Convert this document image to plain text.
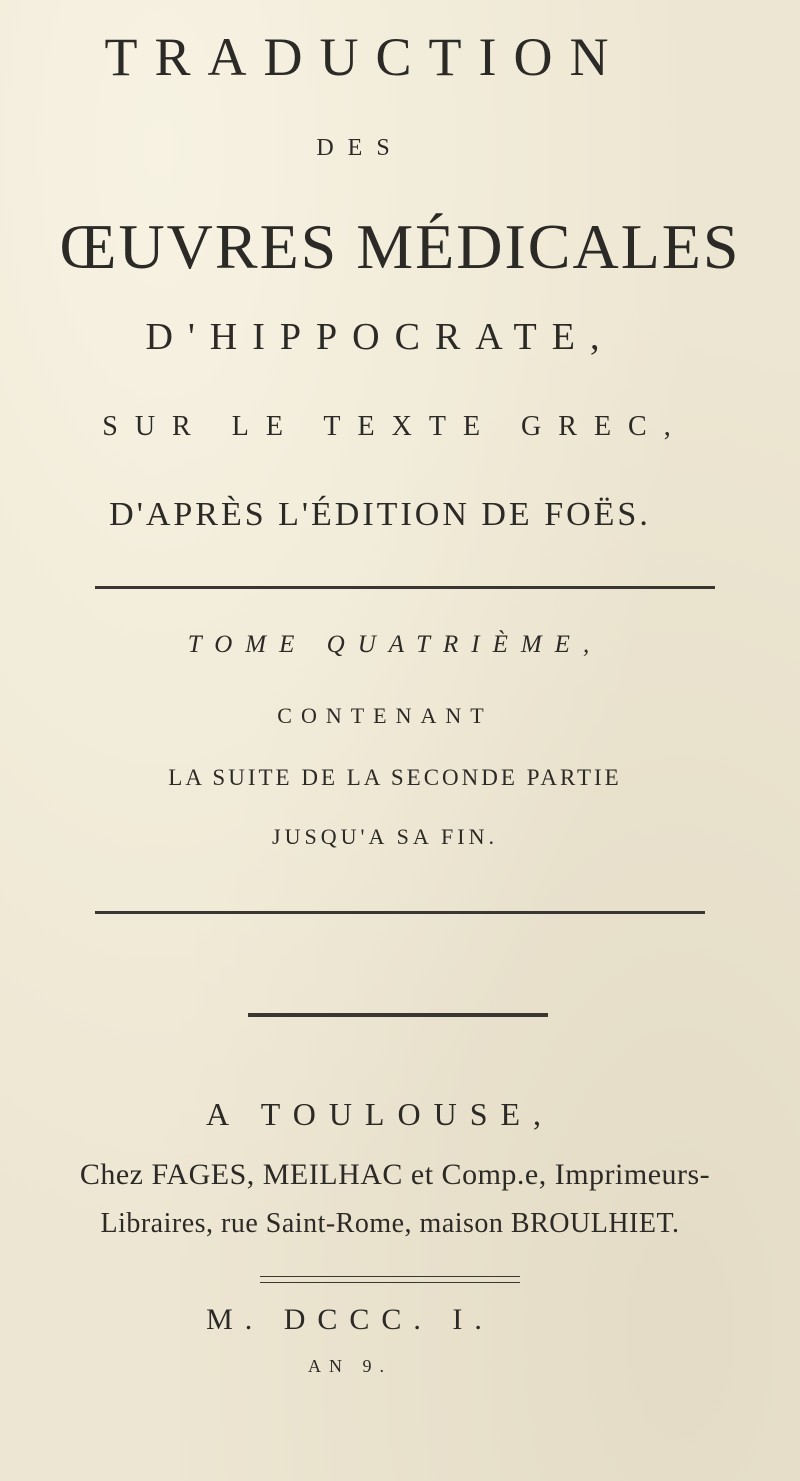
TRADUCTION
DES
ŒUVRES MÉDICALES
D'HIPPOCRATE,
SUR LE TEXTE GREC,
D'APRÈS L'ÉDITION DE FOËS.
TOME QUATRIÈME,
CONTENANT
LA SUITE DE LA SECONDE PARTIE
JUSQU'A SA FIN.
A TOULOUSE,
Chez FAGES, MEILHAC et Comp.e, Imprimeurs-
Libraires, rue Saint-Rome, maison BROULHIET.
M. DCCC. I.
AN 9.
